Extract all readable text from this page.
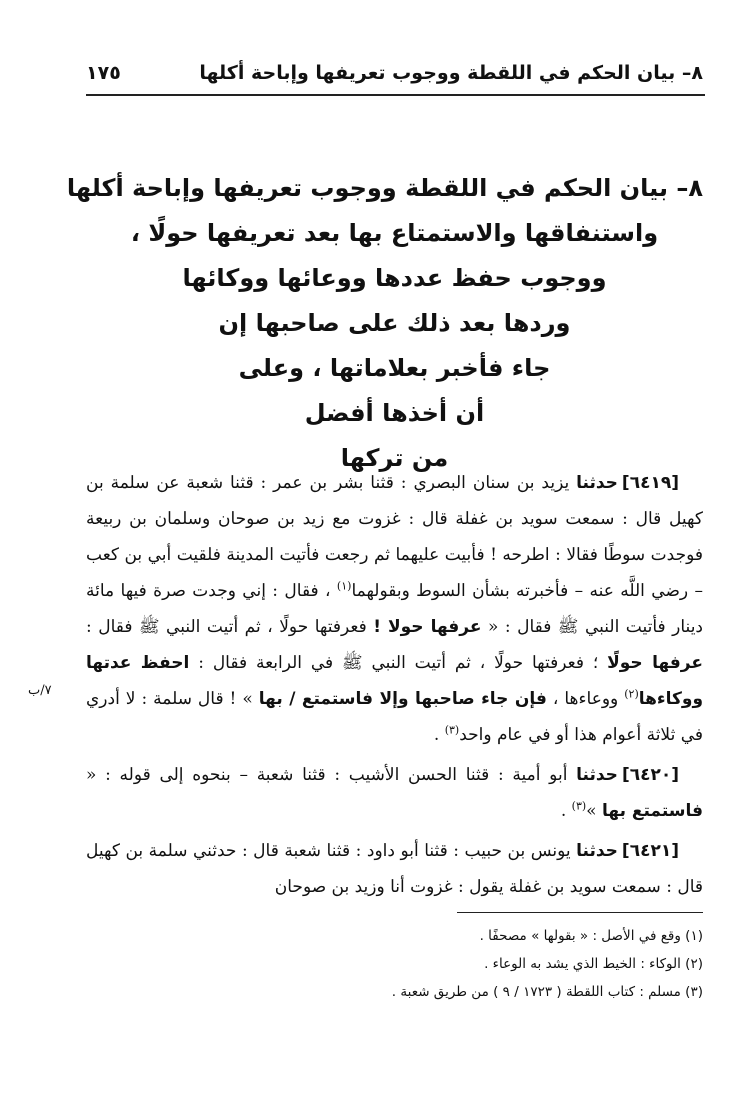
٨– بيان الحكم في اللقطة ووجوب تعريفها وإباحة أكلها
١٧٥
٨– بيان الحكم في اللقطة ووجوب تعريفها وإباحة أكلها
واستنفاقها والاستمتاع بها بعد تعريفها حولًا ،
ووجوب حفظ عددها ووعائها ووكائها
وردها بعد ذلك على صاحبها إن
جاء فأخبر بعلاماتها ، وعلى
أن أخذها أفضل
من تركها

[٦٤١٩]حدثنا يزيد بن سنان البصري : قثنا بشر بن عمر : قثنا شعبة عن سلمة بن كهيل قال : سمعت سويد بن غفلة قال : غزوت مع زيد بن صوحان وسلمان بن ربيعة فوجدت سوطًا فقالا : اطرحه ! فأبيت عليهما ثم رجعت فأتيت المدينة فلقيت أبي بن كعب – رضي اللَّه عنه – فأخبرته بشأن السوط وبقولهما$^{(١)}$ ، فقال : إني وجدت صرة فيها مائة دينار فأتيت النبي ﷺ فقال : « عرفها حولا ! فعرفتها حولًا ، ثم أتيت النبي ﷺ فقال : عرفها حولًا ؛ فعرفتها حولًا ، ثم أتيت النبي ﷺ في الرابعة فقال : احفظ عدتها ووكاءها$^{(٢)}$ ووعاءها ، فإن جاء صاحبها وإلا فاستمتع / بها » ! قال سلمة : لا أدري في ثلاثة أعوام هذا أو في عام واحد$^{(٣)}$ .

[٦٤٢٠]حدثنا أبو أمية : قثنا الحسن الأشيب : قثنا شعبة – بنحوه إلى قوله : « فاستمتع بها »$^{(٣)}$ .

[٦٤٢١]حدثنا يونس بن حبيب : قثنا أبو داود : قثنا شعبة قال : حدثني سلمة بن كهيل قال : سمعت سويد بن غفلة يقول : غزوت أنا وزيد بن صوحان

٧/ب
(١) وقع في الأصل : « بقولها » مصحفًا .
(٢) الوكاء : الخيط الذي يشد به الوعاء .
(٣) مسلم : كتاب اللقطة ( ١٧٢٣ / ٩ ) من طريق شعبة .
